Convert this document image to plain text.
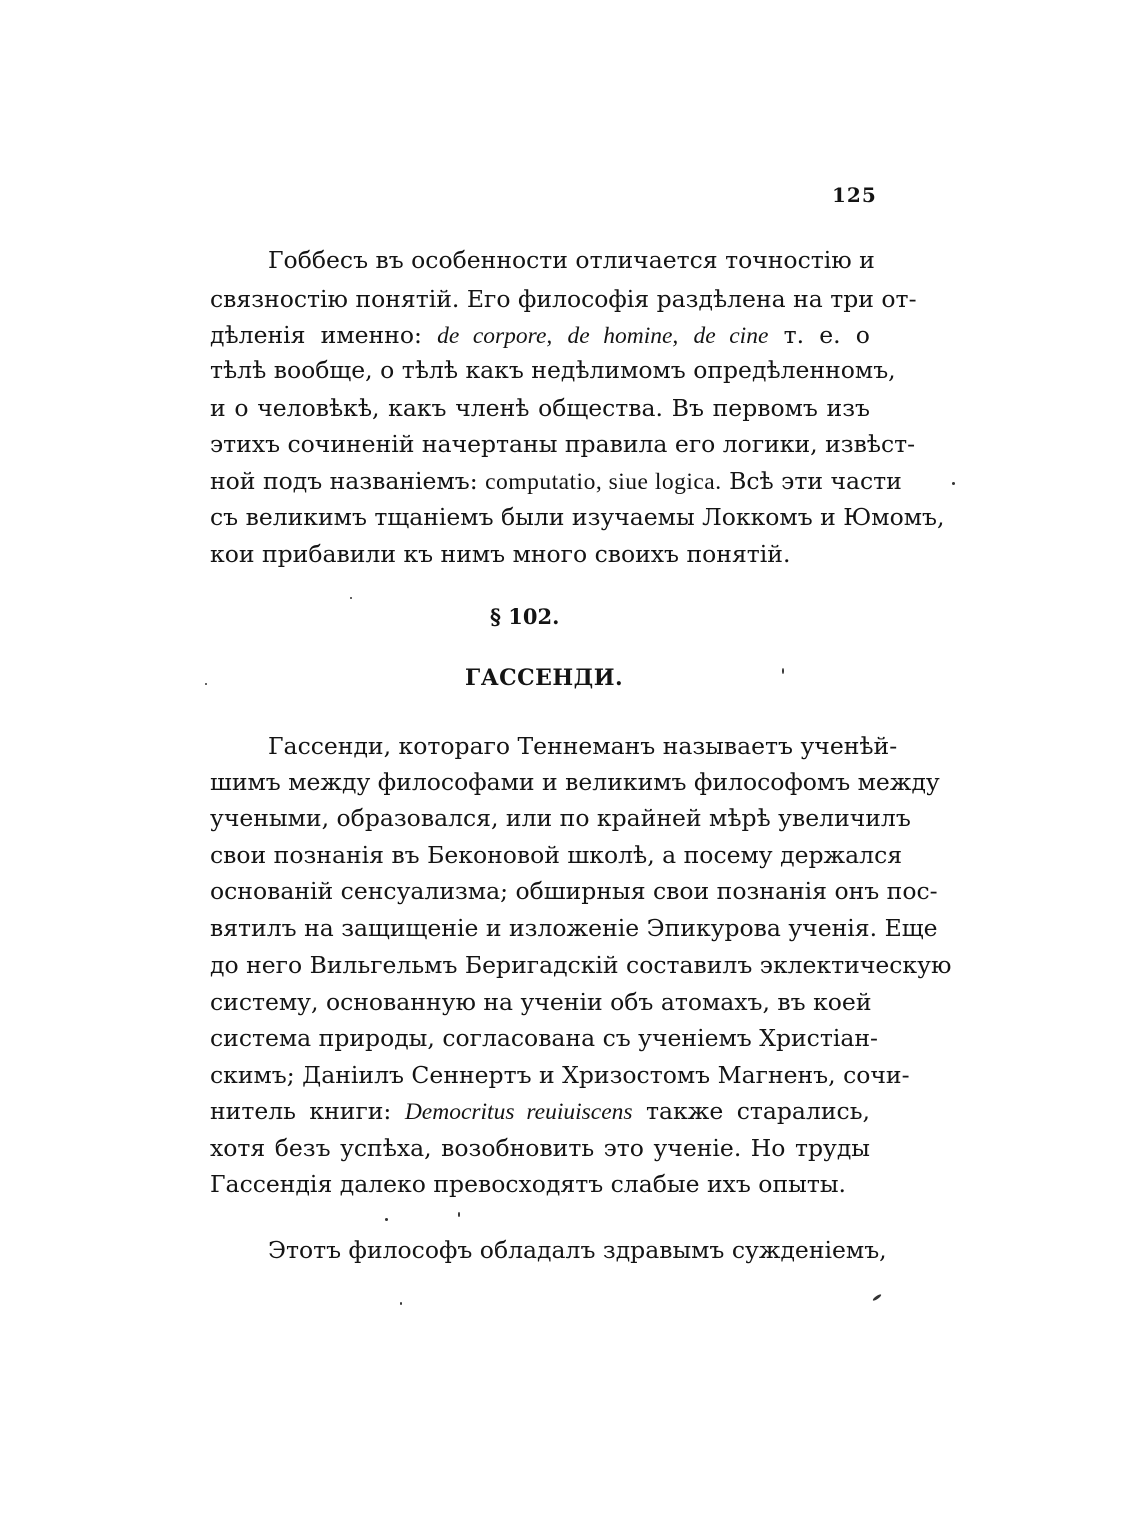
125
Гоббесъ въ особенности отличается точностію и
связностію понятій. Его философія раздѣлена на три от-
дѣленія именно: de corpore, de homine, de cine т. е. о
тѣлѣ вообще, о тѣлѣ какъ недѣлимомъ опредѣленномъ,
и о человѣкѣ, какъ членѣ общества. Въ первомъ изъ
этихъ сочиненій начертаны правила его логики, извѣст-
ной подъ названіемъ: computatio, siue logica. Всѣ эти части
съ великимъ тщаніемъ были изучаемы Локкомъ и Юмомъ,
кои прибавили къ нимъ много своихъ понятій.
§ 102.
ГАССЕНДИ.
Гассенди, котораго Теннеманъ называетъ ученѣй-
шимъ между философами и великимъ философомъ между
учеными, образовался, или по крайней мѣрѣ увеличилъ
свои познанія въ Беконовой школѣ, а посему держался
основаній сенсуализма; обширныя свои познанія онъ пос-
вятилъ на защищеніе и изложеніе Эпикурова ученія. Еще
до него Вильгельмъ Беригадскій составилъ эклектическую
систему, основанную на ученіи объ атомахъ, въ коей
система природы, согласована съ ученіемъ Христіан-
скимъ; Даніилъ Сеннертъ и Хризостомъ Магненъ, сочи-
нитель книги: Democritus reuiuiscens также старались,
хотя безъ успѣха, возобновить это ученіе. Но труды
Гассендія далеко превосходятъ слабые ихъ опыты.
Этотъ философъ обладалъ здравымъ сужденіемъ,
